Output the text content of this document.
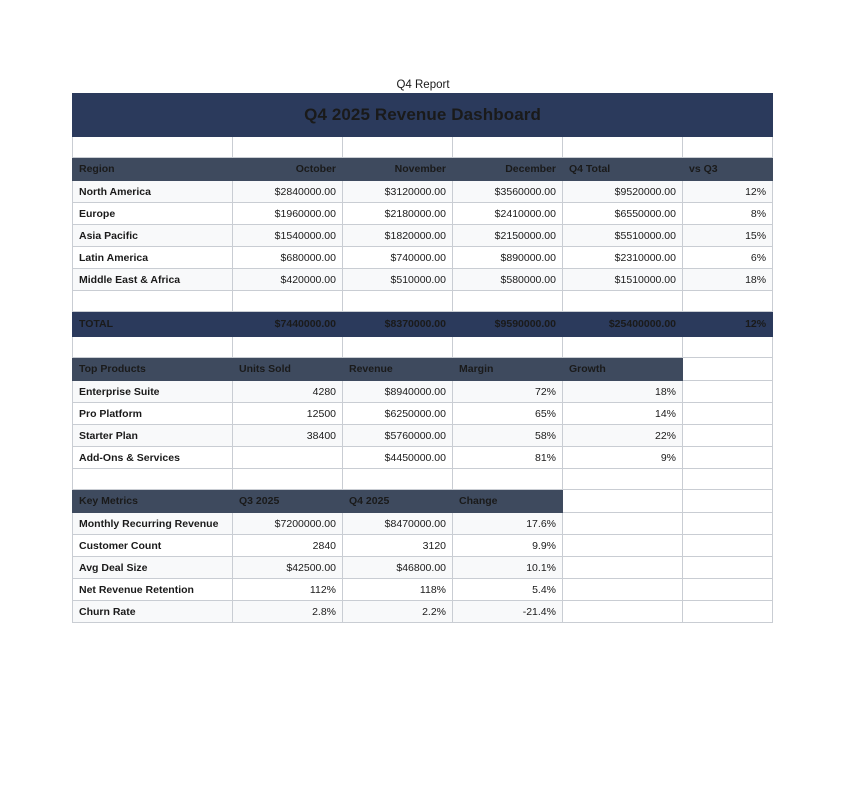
Q4 Report
Q4 2025 Revenue Dashboard					

Region	October	November	December	Q4 Total	vs Q3
North America	$2840000.00	$3120000.00	$3560000.00	$9520000.00	12%
Europe	$1960000.00	$2180000.00	$2410000.00	$6550000.00	8%
Asia Pacific	$1540000.00	$1820000.00	$2150000.00	$5510000.00	15%
Latin America	$680000.00	$740000.00	$890000.00	$2310000.00	6%
Middle East & Africa	$420000.00	$510000.00	$580000.00	$1510000.00	18%

TOTAL	$7440000.00	$8370000.00	$9590000.00	$25400000.00	12%

Top Products	Units Sold	Revenue	Margin	Growth	
Enterprise Suite	4280	$8940000.00	72%	18%	
Pro Platform	12500	$6250000.00	65%	14%	
Starter Plan	38400	$5760000.00	58%	22%	
Add-Ons & Services		$4450000.00	81%	9%	

Key Metrics	Q3 2025	Q4 2025	Change		
Monthly Recurring Revenue	$7200000.00	$8470000.00	17.6%		
Customer Count	2840	3120	9.9%		
Avg Deal Size	$42500.00	$46800.00	10.1%		
Net Revenue Retention	112%	118%	5.4%		
Churn Rate	2.8%	2.2%	-21.4%		
